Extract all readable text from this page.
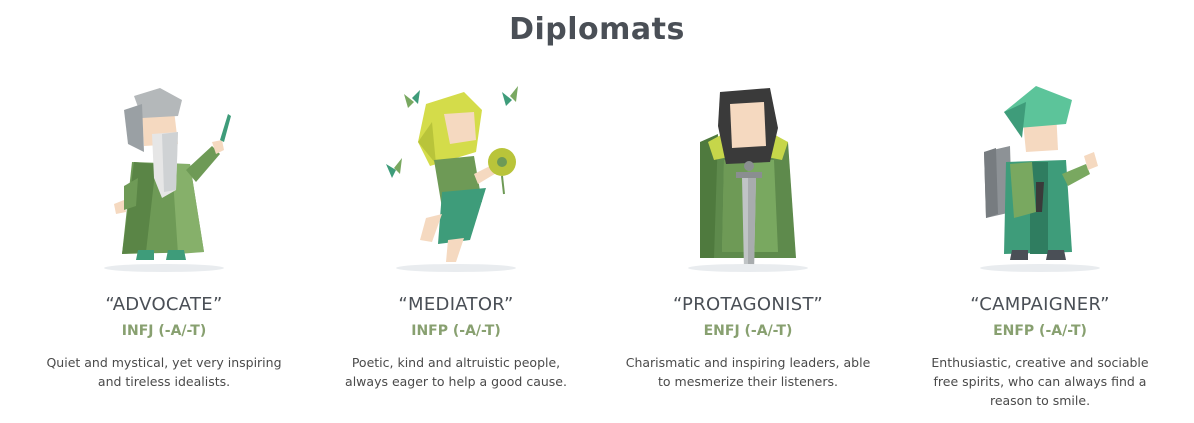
Diplomats
“ADVOCATE”
INFJ (-A/-T)
Quiet and mystical, yet very inspiring and tireless idealists.
“MEDIATOR”
INFP (-A/-T)
Poetic, kind and altruistic people, always eager to help a good cause.
“PROTAGONIST”
ENFJ (-A/-T)
Charismatic and inspiring leaders, able to mesmerize their listeners.
“CAMPAIGNER”
ENFP (-A/-T)
Enthusiastic, creative and sociable free spirits, who can always find a reason to smile.
